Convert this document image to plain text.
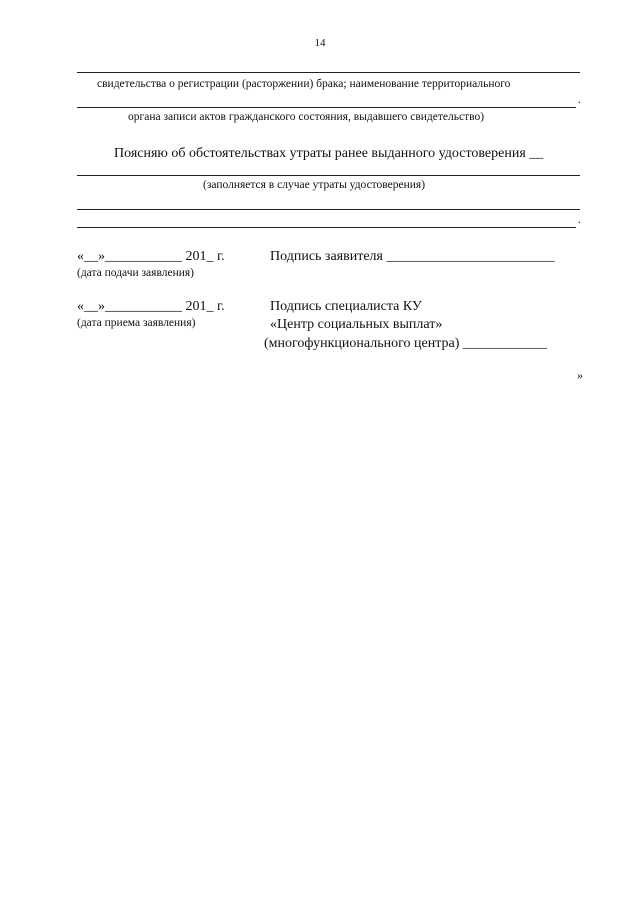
14
свидетельства о регистрации (расторжении) брака; наименование территориального
.
органа записи актов гражданского состояния, выдавшего свидетельство)
Поясняю об обстоятельствах утраты ранее выданного удостоверения __
(заполняется в случае утраты удостоверения)
.
«__»___________ 201_ г.
(дата подачи заявления)
Подпись заявителя ________________________
«__»___________ 201_ г.
(дата приема заявления)
Подпись специалиста КУ
«Центр социальных выплат»
(многофункционального центра) ____________
»
